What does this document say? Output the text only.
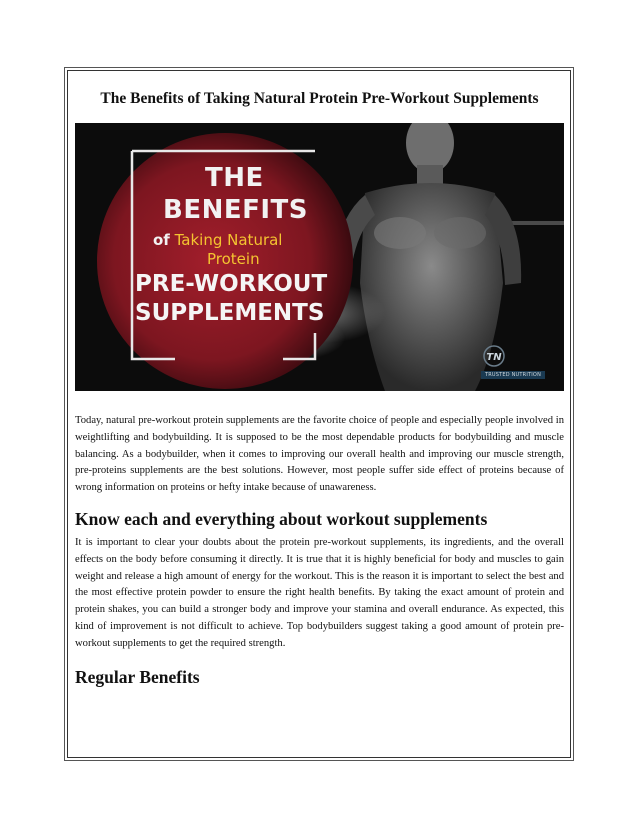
The Benefits of Taking Natural Protein Pre-Workout Supplements
THE
BENEFITS
of Taking Natural
Protein
PRE-WORKOUT
SUPPLEMENTS
TN
TRUSTED NUTRITION

Today, natural pre-workout protein supplements are the favorite choice of people and especially people involved in weightlifting and bodybuilding. It is supposed to be the most dependable products for bodybuilding and muscle balancing. As a bodybuilder, when it comes to improving our overall health and improving our muscle strength, pre-proteins supplements are the best solutions. However, most people suffer side effect of proteins because of wrong information on proteins or hefty intake because of unawareness.

Know each and everything about workout supplements

It is important to clear your doubts about the protein pre-workout supplements, its ingredients, and the overall effects on the body before consuming it directly. It is true that it is highly beneficial for body and muscles to gain weight and release a high amount of energy for the workout. This is the reason it is important to select the best and the most effective protein powder to ensure the right health benefits. By taking the exact amount of protein and protein shakes, you can build a stronger body and improve your stamina and overall endurance. As expected, this kind of improvement is not difficult to achieve. Top bodybuilders suggest taking a good amount of protein pre-workout supplements to get the required strength.

Regular Benefits
